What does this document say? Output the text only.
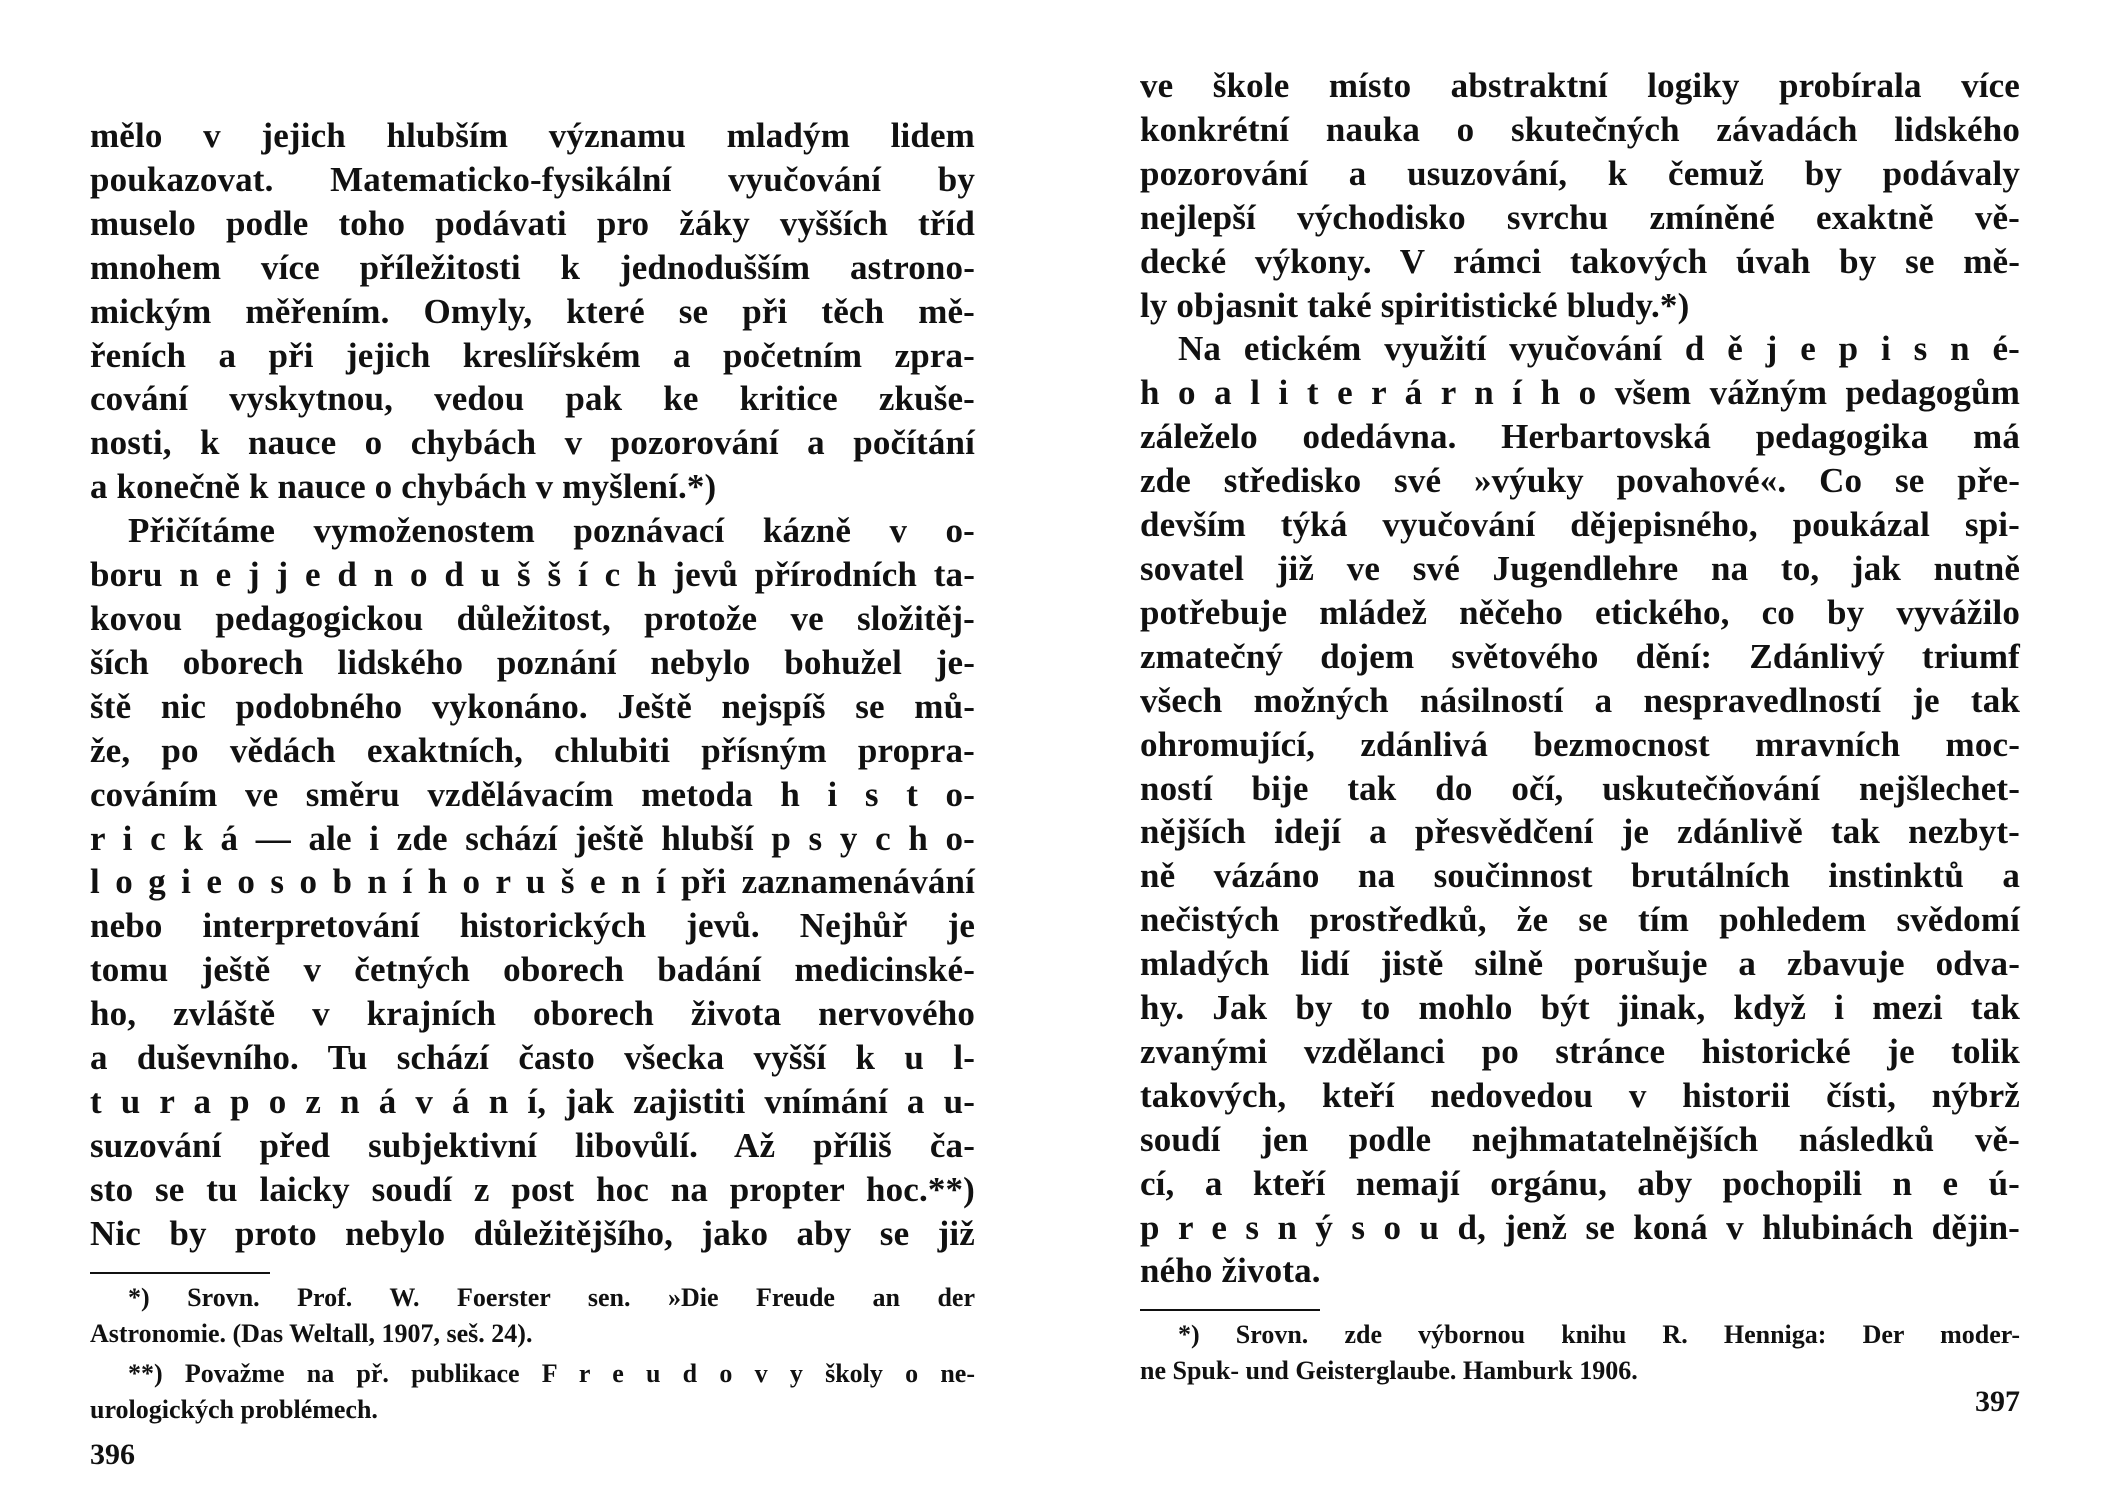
mělo v jejich hlubším významu mladým lidem
poukazovat. Matematicko-fysikální vyučování by
muselo podle toho podávati pro žáky vyšších tříd
mnohem více příležitosti k jednodušším astrono-
mickým měřením. Omyly, které se při těch mě-
řeních a při jejich kreslířském a početním zpra-
cování vyskytnou, vedou pak ke kritice zkuše-
nosti, k nauce o chybách v pozorování a počítání
a konečně k nauce o chybách v myšlení.*)
Přičítáme vymoženostem poznávací kázně v o-
boru n e j j e d n o d u š š í c h jevů přírodních ta-
kovou pedagogickou důležitost, protože ve složitěj-
ších oborech lidského poznání nebylo bohužel je-
ště nic podobného vykonáno. Ještě nejspíš se mů-
že, po vědách exaktních, chlubiti přísným propra-
cováním ve směru vzdělávacím metoda h i s t o-
r i c k á — ale i zde schází ještě hlubší p s y c h o-
l o g i e o s o b n í h o r u š e n í při zaznamenávání
nebo interpretování historických jevů. Nejhůř je
tomu ještě v četných oborech badání medicinské-
ho, zvláště v krajních oborech života nervového
a duševního. Tu schází často všecka vyšší k u l-
t u r a p o z n á v á n í, jak zajistiti vnímání a u-
suzování před subjektivní libovůlí. Až příliš ča-
sto se tu laicky soudí z post hoc na propter hoc.**)
Nic by proto nebylo důležitějšího, jako aby se již
*) Srovn. Prof. W. Foerster sen. »Die Freude an der
Astronomie. (Das Weltall, 1907, seš. 24).
**) Považme na př. publikace F r e u d o v y školy o ne-
urologických problémech.
396
ve škole místo abstraktní logiky probírala více
konkrétní nauka o skutečných závadách lidského
pozorování a usuzování, k čemuž by podávaly
nejlepší východisko svrchu zmíněné exaktně vě-
decké výkony. V rámci takových úvah by se mě-
ly objasnit také spiritistické bludy.*)
Na etickém využití vyučování d ě j e p i s n é-
h o a l i t e r á r n í h o všem vážným pedagogům
záleželo odedávna. Herbartovská pedagogika má
zde středisko své »výuky povahové«. Co se pře-
devším týká vyučování dějepisného, poukázal spi-
sovatel již ve své Jugendlehre na to, jak nutně
potřebuje mládež něčeho etického, co by vyvážilo
zmatečný dojem světového dění: Zdánlivý triumf
všech možných násilností a nespravedlností je tak
ohromující, zdánlivá bezmocnost mravních moc-
ností bije tak do očí, uskutečňování nejšlechet-
nějších idejí a přesvědčení je zdánlivě tak nezbyt-
ně vázáno na součinnost brutálních instinktů a
nečistých prostředků, že se tím pohledem svědomí
mladých lidí jistě silně porušuje a zbavuje odva-
hy. Jak by to mohlo být jinak, když i mezi tak
zvanými vzdělanci po stránce historické je tolik
takových, kteří nedovedou v historii čísti, nýbrž
soudí jen podle nejhmatatelnějších následků vě-
cí, a kteří nemají orgánu, aby pochopili n e ú-
p r e s n ý s o u d, jenž se koná v hlubinách dějin-
ného života.
*) Srovn. zde výbornou knihu R. Henniga: Der moder-
ne Spuk- und Geisterglaube. Hamburk 1906.
397
